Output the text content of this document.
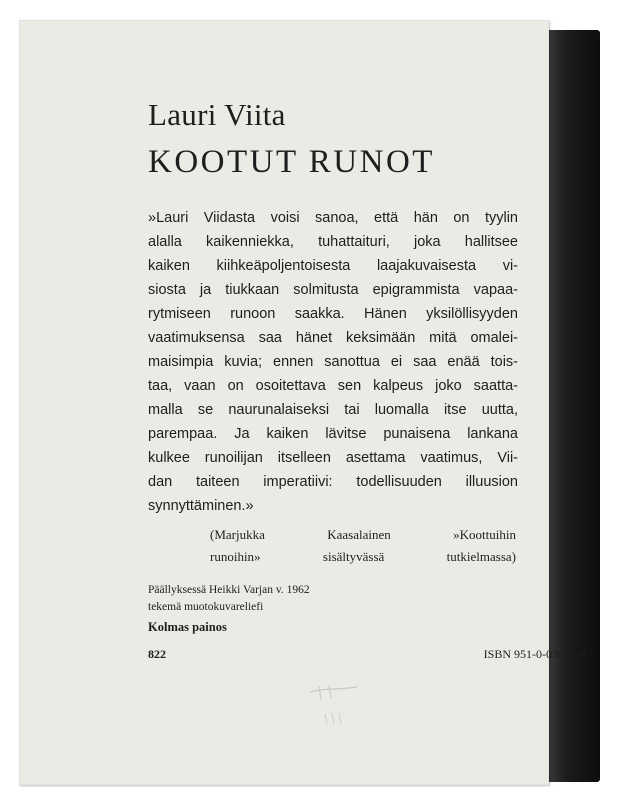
Lauri Viita
KOOTUT RUNOT
»Lauri Viidasta voisi sanoa, että hän on tyylin
alalla kaikenniekka, tuhattaituri, joka hallitsee
kaiken kiihkeäpoljentoisesta laajakuvaisesta vi-
siosta ja tiukkaan solmitusta epigrammista vapaa-
rytmiseen runoon saakka. Hänen yksilöllisyyden
vaatimuksensa saa hänet keksimään mitä omalei-
maisimpia kuvia; ennen sanottua ei saa enää tois-
taa, vaan on osoitettava sen kalpeus joko saatta-
malla se naurunalaiseksi tai luomalla itse uutta,
parempaa. Ja kaiken lävitse punaisena lankana
kulkee runoilijan itselleen asettama vaatimus, Vii-
dan taiteen imperatiivi: todellisuuden illuusion
synnyttäminen.»
(Marjukka Kaasalainen »Koottuihin
runoihin» sisältyvässä tutkielmassa)
Päällyksessä Heikki Varjan v. 1962
tekemä muotokuvareliefi
Kolmas painos
822	ISBN 951-0-03850-4
